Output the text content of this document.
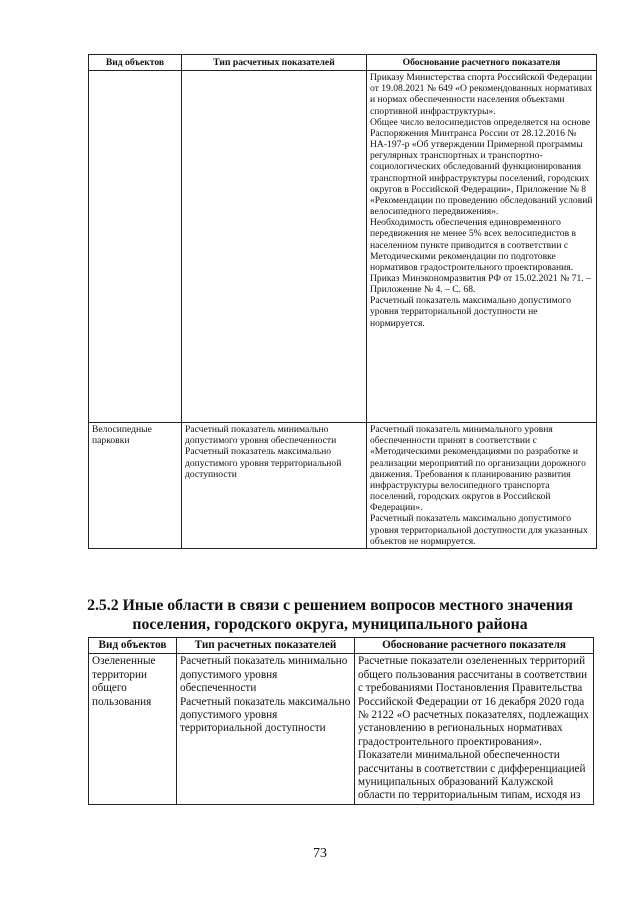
Вид объектов	Тип расчетных показателей	Обоснование расчетного показателя

		Приказу Министерства спорта Российской Федерации от 19.08.2021 № 649 «О рекомендованных нормативах и нормах обеспеченности населения объектами спортивной инфраструктуры».
Общее число велосипедистов определяется на основе Распоряжения Минтранса России от 28.12.2016 № НА-197-р «Об утверждении Примерной программы регулярных транспортных и транспортно-социологических обследований функционирования транспортной инфраструктуры поселений, городских округов в Российской Федерации», Приложение № 8 «Рекомендации по проведению обследований условий велосипедного передвижения».
Необходимость обеспечения единовременного передвижения не менее 5% всех велосипедистов в населенном пункте приводится в соответствии с Методическими рекомендации по подготовке нормативов градостроительного проектирования. Приказ Минэкономразвития РФ от 15.02.2021 № 71. – Приложение № 4. – С. 68.
Расчетный показатель максимально допустимого уровня территориальной доступности не нормируется.

Велосипедные парковки	Расчетный показатель минимально допустимого уровня обеспеченности
Расчетный показатель максимально допустимого уровня территориальной доступности	Расчетный показатель минимального уровня обеспеченности принят в соответствии с «Методическими рекомендациями по разработке и реализации мероприятий по организации дорожного движения. Требования к планированию развития инфраструктуры велосипедного транспорта поселений, городских округов в Российской Федерации».
Расчетный показатель максимально допустимого уровня территориальной доступности для указанных объектов не нормируется.
2.5.2 Иные области в связи с решением вопросов местного значения поселения, городского округа, муниципального района
Вид объектов	Тип расчетных показателей	Обоснование расчетного показателя
Озелененные территории общего пользования	Расчетный показатель минимально допустимого уровня обеспеченности
Расчетный показатель максимально допустимого уровня территориальной доступности	Расчетные показатели озелененных территорий общего пользования рассчитаны в соответствии с требованиями Постановления Правительства Российской Федерации от 16 декабря 2020 года № 2122 «О расчетных показателях, подлежащих установлению в региональных нормативах градостроительного проектирования».
Показатели минимальной обеспеченности рассчитаны в соответствии с дифференциацией муниципальных образований Калужской области по территориальным типам, исходя из
73
